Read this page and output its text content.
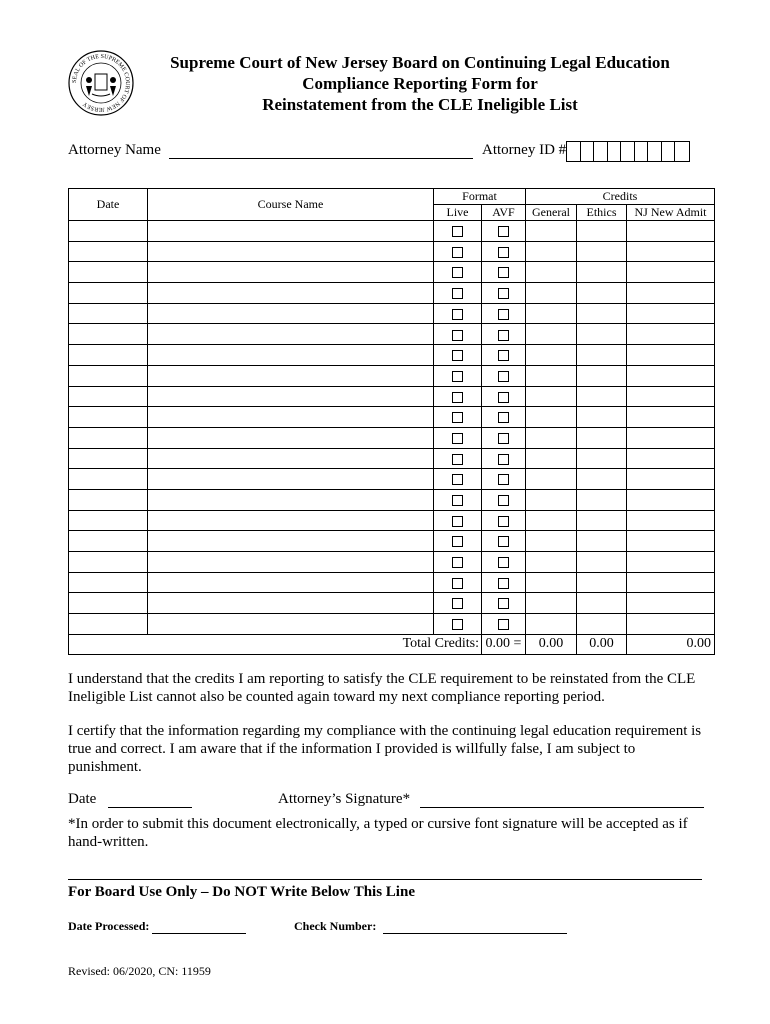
SEAL OF THE SUPREME COURT OF NEW JERSEY
Supreme Court of New Jersey Board on Continuing Legal Education
Compliance Reporting Form for
Reinstatement from the CLE Ineligible List
Attorney Name	Attorney ID #
Date	Course Name	Format		Credits		
		Live	AVF	General	Ethics	NJ New Admit

Total Credits:			0.00 =	0.00	0.00	0.00
I understand that the credits I am reporting to satisfy the CLE requirement to be reinstated from the CLE Ineligible List cannot also be counted again toward my next compliance reporting period.
I certify that the information regarding my compliance with the continuing legal education requirement is true and correct. I am aware that if the information I provided is willfully false, I am subject to punishment.
Date	Attorney’s Signature*
*In order to submit this document electronically, a typed or cursive font signature will be accepted as if hand-written.
For Board Use Only – Do NOT Write Below This Line
Date Processed:	Check Number:
Revised: 06/2020, CN: 11959
